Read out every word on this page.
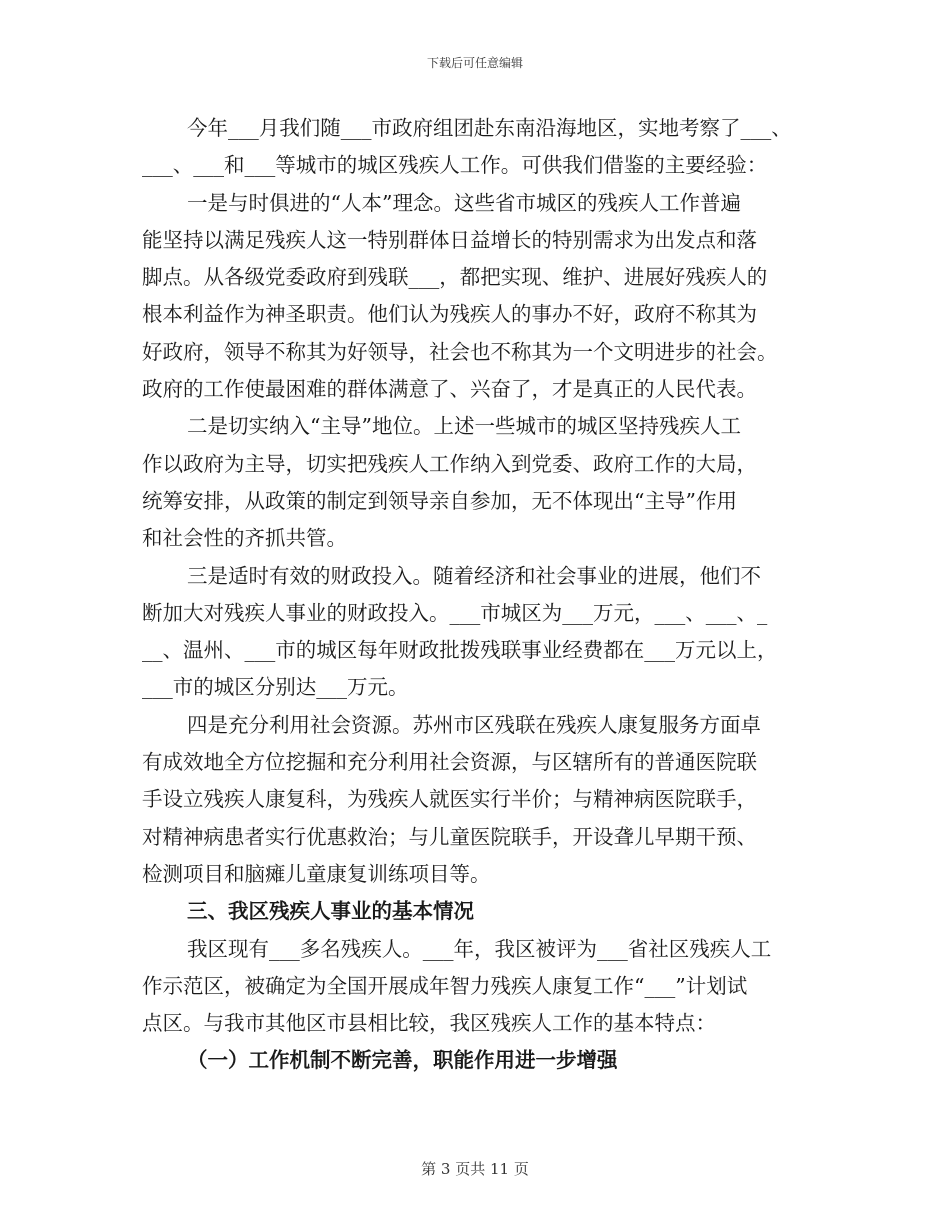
下载后可任意编辑
今年___月我们随___市政府组团赴东南沿海地区，实地考察了___、
___、___和___等城市的城区残疾人工作。可供我们借鉴的主要经验：
一是与时俱进的“人本”理念。这些省市城区的残疾人工作普遍
能坚持以满足残疾人这一特别群体日益增长的特别需求为出发点和落
脚点。从各级党委政府到残联___，都把实现、维护、进展好残疾人的
根本利益作为神圣职责。他们认为残疾人的事办不好，政府不称其为
好政府，领导不称其为好领导，社会也不称其为一个文明进步的社会。
政府的工作使最困难的群体满意了、兴奋了，才是真正的人民代表。
二是切实纳入“主导”地位。上述一些城市的城区坚持残疾人工
作以政府为主导，切实把残疾人工作纳入到党委、政府工作的大局，
统筹安排，从政策的制定到领导亲自参加，无不体现出“主导”作用
和社会性的齐抓共管。
三是适时有效的财政投入。随着经济和社会事业的进展，他们不
断加大对残疾人事业的财政投入。___市城区为___万元，___、___、_
__、温州、___市的城区每年财政批拨残联事业经费都在___万元以上，
___市的城区分别达___万元。
四是充分利用社会资源。苏州市区残联在残疾人康复服务方面卓
有成效地全方位挖掘和充分利用社会资源，与区辖所有的普通医院联
手设立残疾人康复科，为残疾人就医实行半价；与精神病医院联手，
对精神病患者实行优惠救治；与儿童医院联手，开设聋儿早期干预、
检测项目和脑瘫儿童康复训练项目等。
三、我区残疾人事业的基本情况
我区现有___多名残疾人。___年，我区被评为___省社区残疾人工
作示范区，被确定为全国开展成年智力残疾人康复工作“___”计划试
点区。与我市其他区市县相比较，我区残疾人工作的基本特点：
（一）工作机制不断完善，职能作用进一步增强
第 3 页共 11 页
